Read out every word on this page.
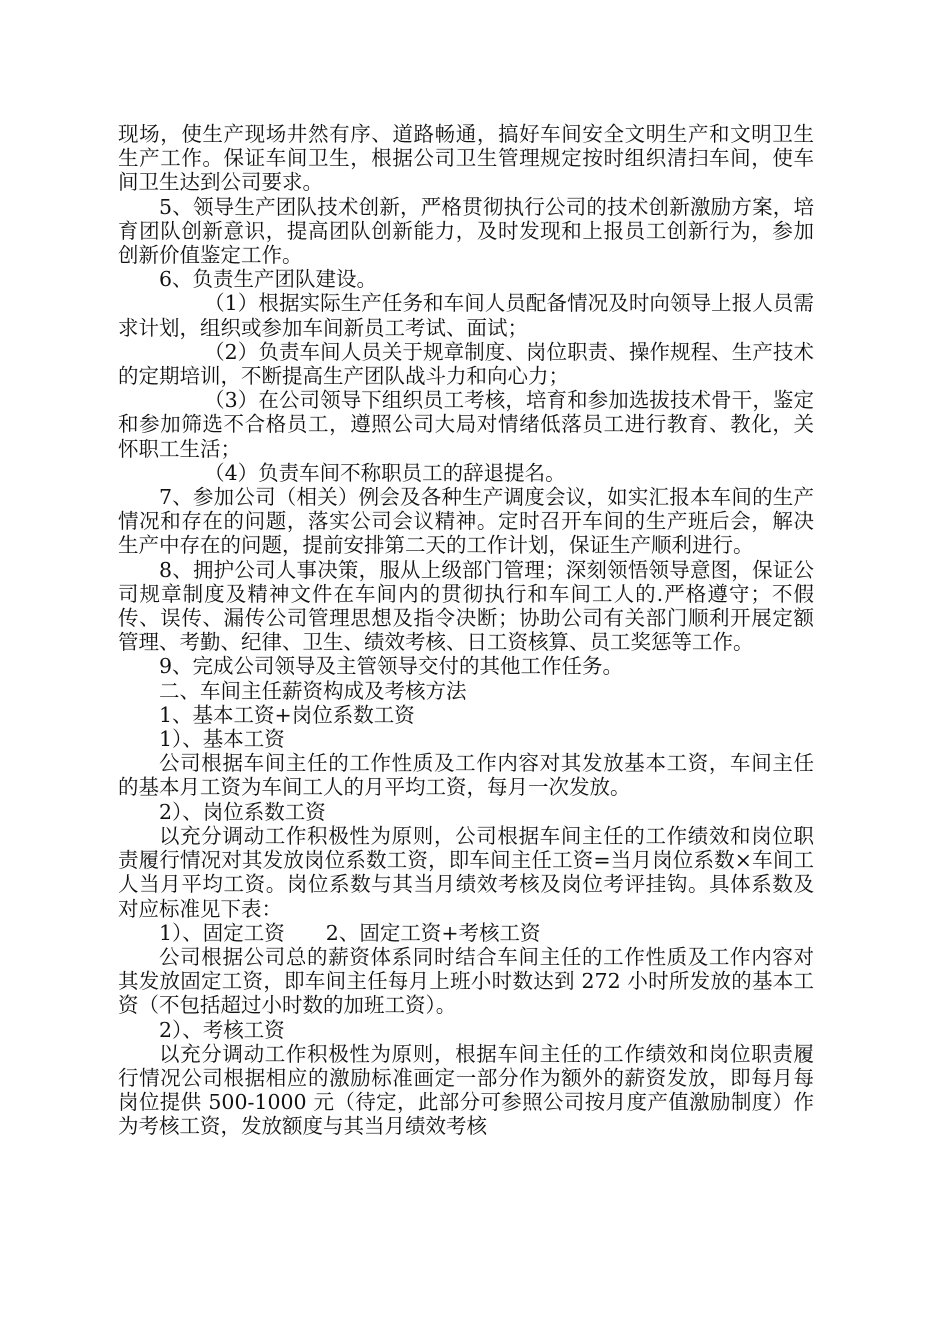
现场，使生产现场井然有序、道路畅通，搞好车间安全文明生产和文明卫生生产工作。保证车间卫生，根据公司卫生管理规定按时组织清扫车间，使车间卫生达到公司要求。

5、领导生产团队技术创新，严格贯彻执行公司的技术创新激励方案，培育团队创新意识，提高团队创新能力，及时发现和上报员工创新行为，参加创新价值鉴定工作。

6、负责生产团队建设。

（1）根据实际生产任务和车间人员配备情况及时向领导上报人员需求计划，组织或参加车间新员工考试、面试；

（2）负责车间人员关于规章制度、岗位职责、操作规程、生产技术的定期培训，不断提高生产团队战斗力和向心力；

（3）在公司领导下组织员工考核，培育和参加选拔技术骨干，鉴定和参加筛选不合格员工，遵照公司大局对情绪低落员工进行教育、教化，关怀职工生活；

（4）负责车间不称职员工的辞退提名。

7、参加公司（相关）例会及各种生产调度会议，如实汇报本车间的生产情况和存在的问题，落实公司会议精神。定时召开车间的生产班后会，解决生产中存在的问题，提前安排第二天的工作计划，保证生产顺利进行。

8、拥护公司人事决策，服从上级部门管理；深刻领悟领导意图，保证公司规章制度及精神文件在车间内的贯彻执行和车间工人的.严格遵守；不假传、误传、漏传公司管理思想及指令决断；协助公司有关部门顺利开展定额管理、考勤、纪律、卫生、绩效考核、日工资核算、员工奖惩等工作。

9、完成公司领导及主管领导交付的其他工作任务。

二、车间主任薪资构成及考核方法

1、基本工资+岗位系数工资

1）、基本工资

公司根据车间主任的工作性质及工作内容对其发放基本工资，车间主任的基本月工资为车间工人的月平均工资，每月一次发放。

2）、岗位系数工资

以充分调动工作积极性为原则，公司根据车间主任的工作绩效和岗位职责履行情况对其发放岗位系数工资，即车间主任工资=当月岗位系数×车间工人当月平均工资。岗位系数与其当月绩效考核及岗位考评挂钩。具体系数及对应标准见下表：

1）、固定工资　　2、固定工资+考核工资

公司根据公司总的薪资体系同时结合车间主任的工作性质及工作内容对其发放固定工资，即车间主任每月上班小时数达到 272 小时所发放的基本工资（不包括超过小时数的加班工资）。

2）、考核工资

以充分调动工作积极性为原则，根据车间主任的工作绩效和岗位职责履行情况公司根据相应的激励标准画定一部分作为额外的薪资发放，即每月每岗位提供 500-1000 元（待定，此部分可参照公司按月度产值激励制度）作为考核工资，发放额度与其当月绩效考核
